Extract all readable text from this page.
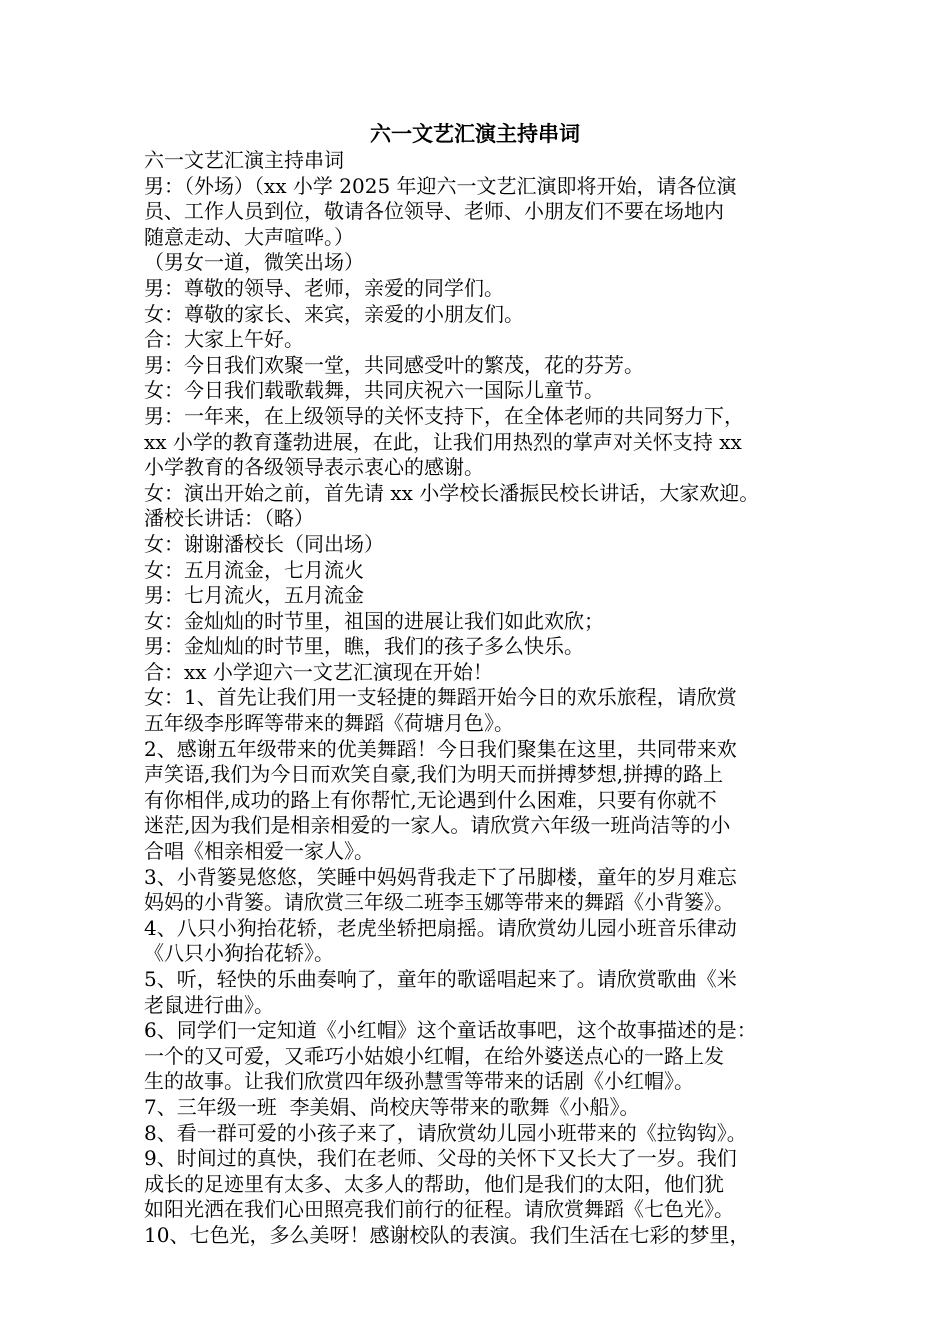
六一文艺汇演主持串词
六一文艺汇演主持串词
男：（外场）（xx 小学 2025 年迎六一文艺汇演即将开始，请各位演
员、工作人员到位，敬请各位领导、老师、小朋友们不要在场地内
随意走动、大声喧哗。）
（男女一道，微笑出场）
男：尊敬的领导、老师，亲爱的同学们。
女：尊敬的家长、来宾，亲爱的小朋友们。
合：大家上午好。
男：今日我们欢聚一堂，共同感受叶的繁茂，花的芬芳。
女：今日我们载歌载舞，共同庆祝六一国际儿童节。
男：一年来，在上级领导的关怀支持下，在全体老师的共同努力下，
xx 小学的教育蓬勃进展，在此，让我们用热烈的掌声对关怀支持 xx
小学教育的各级领导表示衷心的感谢。
女：演出开始之前，首先请 xx 小学校长潘振民校长讲话，大家欢迎。
潘校长讲话：（略）
女：谢谢潘校长（同出场）
女：五月流金，七月流火
男：七月流火，五月流金
女：金灿灿的时节里，祖国的进展让我们如此欢欣；
男：金灿灿的时节里，瞧，我们的孩子多么快乐。
合：xx 小学迎六一文艺汇演现在开始！
女：1、首先让我们用一支轻捷的舞蹈开始今日的欢乐旅程，请欣赏
五年级李彤晖等带来的舞蹈《荷塘月色》。
2、感谢五年级带来的优美舞蹈！今日我们聚集在这里，共同带来欢
声笑语,我们为今日而欢笑自豪,我们为明天而拼搏梦想,拼搏的路上
有你相伴,成功的路上有你帮忙,无论遇到什么困难，只要有你就不
迷茫,因为我们是相亲相爱的一家人。请欣赏六年级一班尚洁等的小
合唱《相亲相爱一家人》。
3、小背篓晃悠悠，笑睡中妈妈背我走下了吊脚楼，童年的岁月难忘
妈妈的小背篓。请欣赏三年级二班李玉娜等带来的舞蹈《小背篓》。
4、八只小狗抬花轿，老虎坐轿把扇摇。请欣赏幼儿园小班音乐律动
《八只小狗抬花轿》。
5、听，轻快的乐曲奏响了，童年的歌谣唱起来了。请欣赏歌曲《米
老鼠进行曲》。
6、同学们一定知道《小红帽》这个童话故事吧，这个故事描述的是：
一个的又可爱，又乖巧小姑娘小红帽，在给外婆送点心的一路上发
生的故事。让我们欣赏四年级孙慧雪等带来的话剧《小红帽》。
7、三年级一班  李美娟、尚校庆等带来的歌舞《小船》。
8、看一群可爱的小孩子来了，请欣赏幼儿园小班带来的《拉钩钩》。
9、时间过的真快，我们在老师、父母的关怀下又长大了一岁。我们
成长的足迹里有太多、太多人的帮助，他们是我们的太阳，他们犹
如阳光洒在我们心田照亮我们前行的征程。请欣赏舞蹈《七色光》。
10、七色光，多么美呀！感谢校队的表演。我们生活在七彩的梦里，
